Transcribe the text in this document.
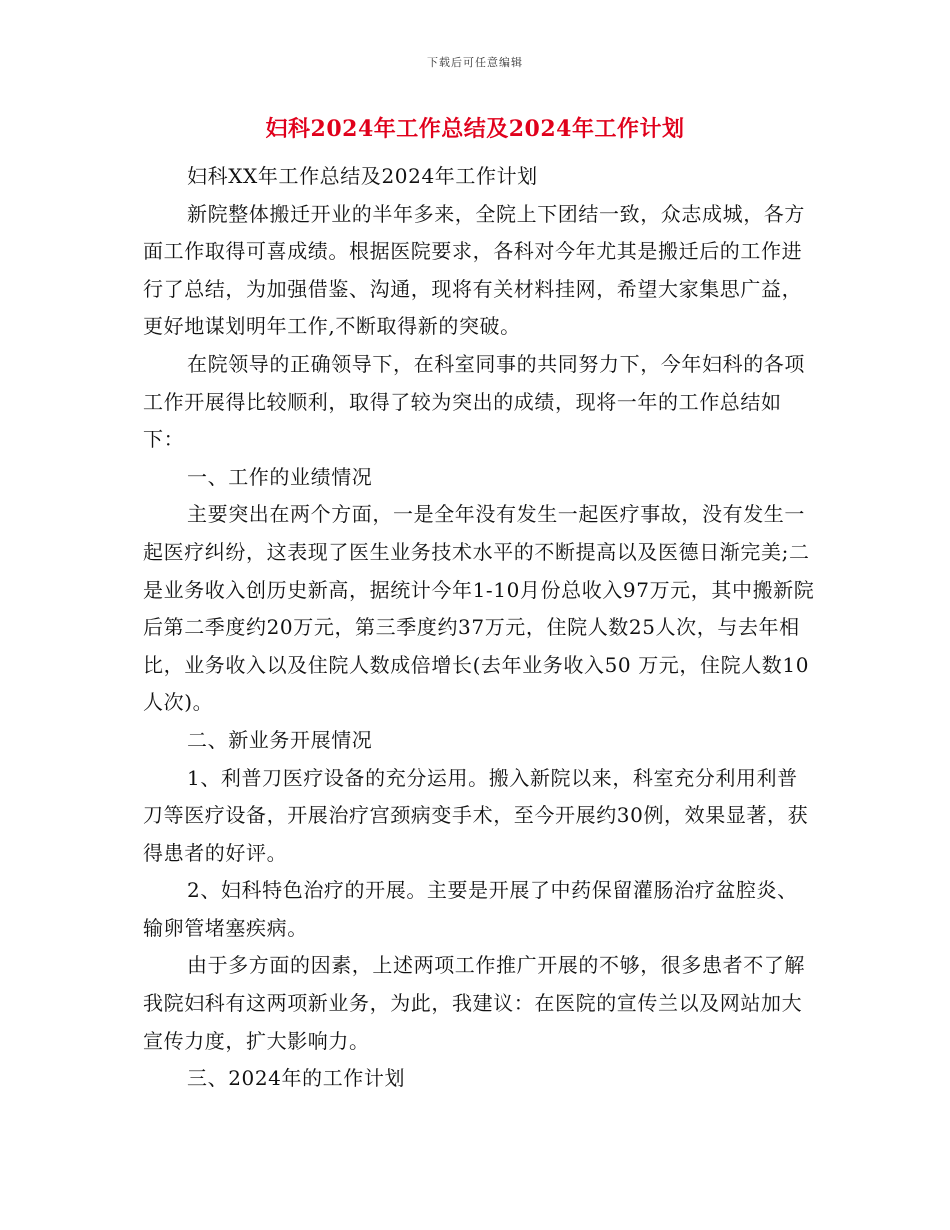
下载后可任意编辑
妇科2024年工作总结及2024年工作计划

妇科XX年工作总结及2024年工作计划

新院整体搬迁开业的半年多来，全院上下团结一致，众志成城，各方面工作取得可喜成绩。根据医院要求，各科对今年尤其是搬迁后的工作进行了总结，为加强借鉴、沟通，现将有关材料挂网，希望大家集思广益，更好地谋划明年工作,不断取得新的突破。

在院领导的正确领导下，在科室同事的共同努力下，今年妇科的各项工作开展得比较顺利，取得了较为突出的成绩，现将一年的工作总结如下：

一、工作的业绩情况

主要突出在两个方面，一是全年没有发生一起医疗事故，没有发生一起医疗纠纷，这表现了医生业务技术水平的不断提高以及医德日渐完美;二是业务收入创历史新高，据统计今年1-10月份总收入97万元，其中搬新院后第二季度约20万元，第三季度约37万元，住院人数25人次，与去年相比，业务收入以及住院人数成倍增长(去年业务收入50 万元，住院人数10 人次)。

二、新业务开展情况

1、利普刀医疗设备的充分运用。搬入新院以来，科室充分利用利普刀等医疗设备，开展治疗宫颈病变手术，至今开展约30例，效果显著，获得患者的好评。

2、妇科特色治疗的开展。主要是开展了中药保留灌肠治疗盆腔炎、输卵管堵塞疾病。

由于多方面的因素，上述两项工作推广开展的不够，很多患者不了解我院妇科有这两项新业务，为此，我建议：在医院的宣传兰以及网站加大宣传力度，扩大影响力。

三、2024年的工作计划
